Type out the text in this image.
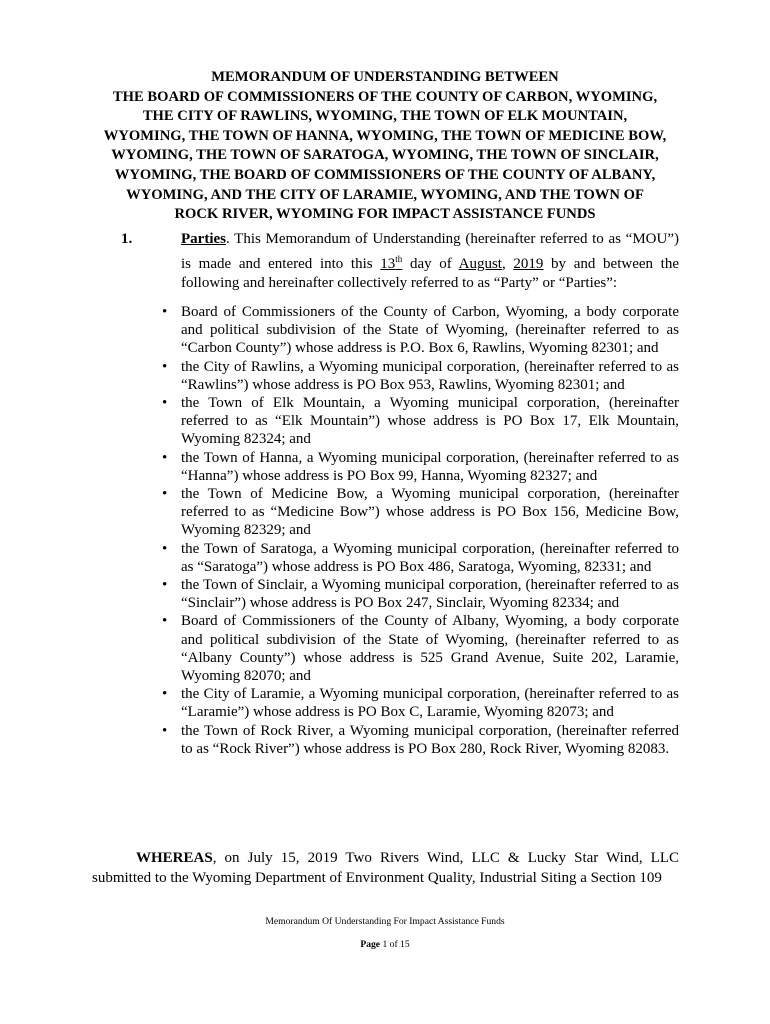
MEMORANDUM OF UNDERSTANDING BETWEEN
THE BOARD OF COMMISSIONERS OF THE COUNTY OF CARBON, WYOMING,
THE CITY OF RAWLINS, WYOMING, THE TOWN OF ELK MOUNTAIN,
WYOMING, THE TOWN OF HANNA, WYOMING, THE TOWN OF MEDICINE BOW,
WYOMING, THE TOWN OF SARATOGA, WYOMING, THE TOWN OF SINCLAIR,
WYOMING, THE BOARD OF COMMISSIONERS OF THE COUNTY OF ALBANY,
WYOMING, AND THE CITY OF LARAMIE, WYOMING, AND THE TOWN OF
ROCK RIVER, WYOMING FOR IMPACT ASSISTANCE FUNDS
1.	Parties. This Memorandum of Understanding (hereinafter referred to as “MOU”) is made and entered into this 13th day of August, 2019 by and between the following and hereinafter collectively referred to as “Party” or “Parties”:
• Board of Commissioners of the County of Carbon, Wyoming, a body corporate and political subdivision of the State of Wyoming, (hereinafter referred to as “Carbon County”) whose address is P.O. Box 6, Rawlins, Wyoming 82301; and
• the City of Rawlins, a Wyoming municipal corporation, (hereinafter referred to as “Rawlins”) whose address is PO Box 953, Rawlins, Wyoming 82301; and
• the Town of Elk Mountain, a Wyoming municipal corporation, (hereinafter referred to as “Elk Mountain”) whose address is PO Box 17, Elk Mountain, Wyoming 82324; and
• the Town of Hanna, a Wyoming municipal corporation, (hereinafter referred to as “Hanna”) whose address is PO Box 99, Hanna, Wyoming 82327; and
• the Town of Medicine Bow, a Wyoming municipal corporation, (hereinafter referred to as “Medicine Bow”) whose address is PO Box 156, Medicine Bow, Wyoming 82329; and
• the Town of Saratoga, a Wyoming municipal corporation, (hereinafter referred to as “Saratoga”) whose address is PO Box 486, Saratoga, Wyoming, 82331; and
• the Town of Sinclair, a Wyoming municipal corporation, (hereinafter referred to as “Sinclair”) whose address is PO Box 247, Sinclair, Wyoming 82334; and
• Board of Commissioners of the County of Albany, Wyoming, a body corporate and political subdivision of the State of Wyoming, (hereinafter referred to as “Albany County”) whose address is 525 Grand Avenue, Suite 202, Laramie, Wyoming 82070; and
• the City of Laramie, a Wyoming municipal corporation, (hereinafter referred to as “Laramie”) whose address is PO Box C, Laramie, Wyoming 82073; and
• the Town of Rock River, a Wyoming municipal corporation, (hereinafter referred to as “Rock River”) whose address is PO Box 280, Rock River, Wyoming 82083.
WHEREAS, on July 15, 2019 Two Rivers Wind, LLC & Lucky Star Wind, LLC submitted to the Wyoming Department of Environment Quality, Industrial Siting a Section 109
Memorandum Of Understanding For Impact Assistance Funds
Page 1 of 15
